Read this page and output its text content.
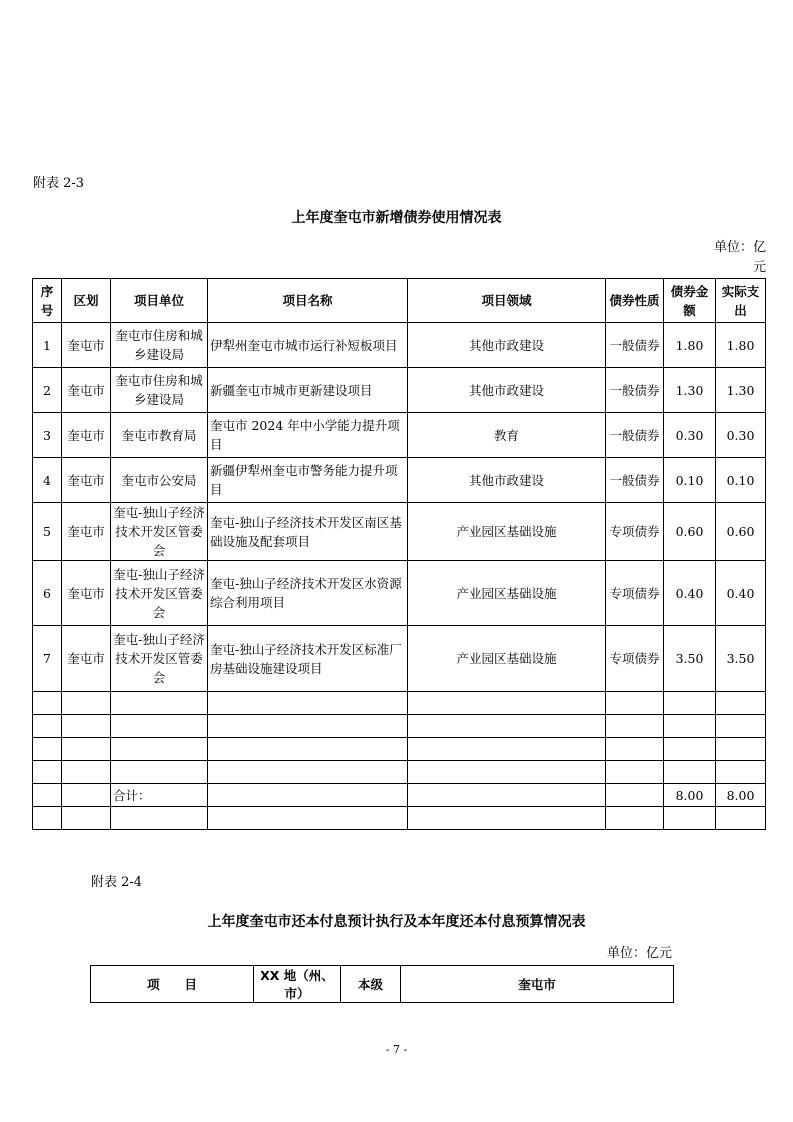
附表 2-3
上年度奎屯市新增债券使用情况表
单位：亿元
序号	区划	项目单位	项目名称	项目领域	债券性质	债券金额	实际支出
1	奎屯市	奎屯市住房和城乡建设局	伊犁州奎屯市城市运行补短板项目	其他市政建设	一般债券	1.80	1.80
2	奎屯市	奎屯市住房和城乡建设局	新疆奎屯市城市更新建设项目	其他市政建设	一般债券	1.30	1.30
3	奎屯市	奎屯市教育局	奎屯市 2024 年中小学能力提升项目	教育	一般债券	0.30	0.30
4	奎屯市	奎屯市公安局	新疆伊犁州奎屯市警务能力提升项目	其他市政建设	一般债券	0.10	0.10
5	奎屯市	奎屯-独山子经济技术开发区管委会	奎屯-独山子经济技术开发区南区基础设施及配套项目	产业园区基础设施	专项债券	0.60	0.60
6	奎屯市	奎屯-独山子经济技术开发区管委会	奎屯-独山子经济技术开发区水资源综合利用项目	产业园区基础设施	专项债券	0.40	0.40
7	奎屯市	奎屯-独山子经济技术开发区管委会	奎屯-独山子经济技术开发区标准厂房基础设施建设项目	产业园区基础设施	专项债券	3.50	3.50

		合计：				8.00	8.00

附表 2-4
上年度奎屯市还本付息预计执行及本年度还本付息预算情况表
单位：亿元
项　　目	XX 地（州、市）	本级	奎屯市
- 7 -
